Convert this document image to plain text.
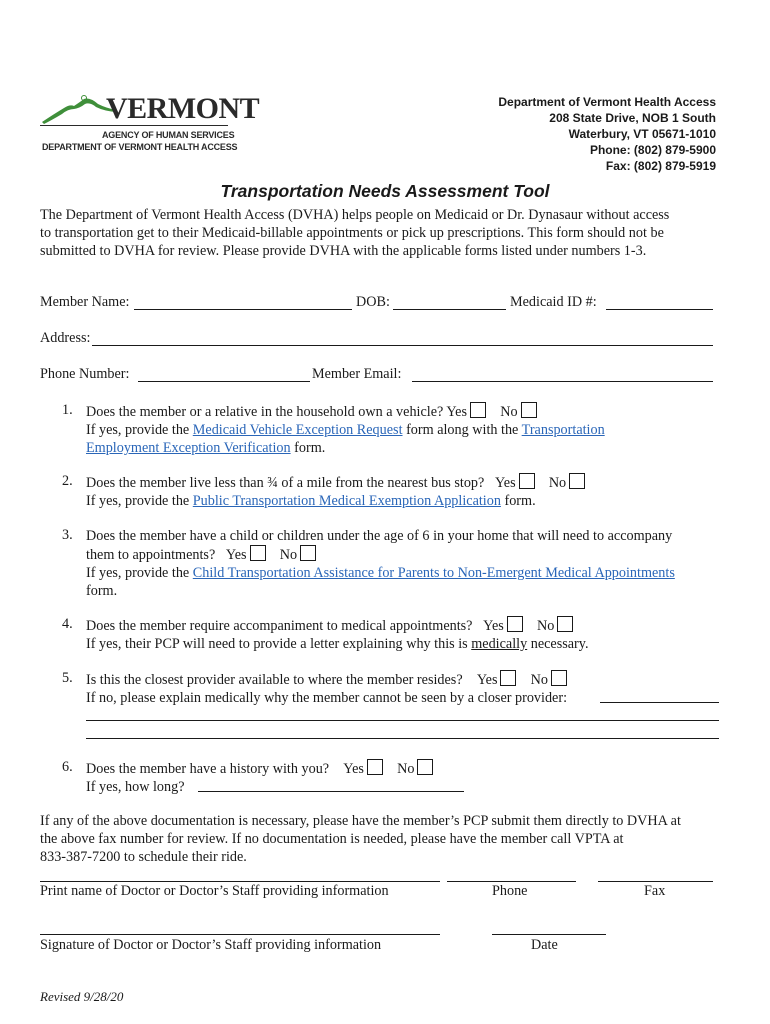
VERMONT
AGENCY OF HUMAN SERVICES
DEPARTMENT OF VERMONT HEALTH ACCESS
Department of Vermont Health Access
208 State Drive, NOB 1 South
Waterbury, VT 05671-1010
Phone: (802) 879-5900
Fax: (802) 879-5919
Transportation Needs Assessment Tool
The Department of Vermont Health Access (DVHA) helps people on Medicaid or Dr. Dynasaur without access
to transportation get to their Medicaid-billable appointments or pick up prescriptions. This form should not be
submitted to DVHA for review. Please provide DVHA with the applicable forms listed under numbers 1-3.
Member Name:	DOB:	Medicaid ID #:
Address:
Phone Number:	Member Email:
1. Does the member or a relative in the household own a vehicle? Yes No
If yes, provide the Medicaid Vehicle Exception Request form along with the Transportation
Employment Exception Verification form.
2. Does the member live less than ¾ of a mile from the nearest bus stop? Yes No
If yes, provide the Public Transportation Medical Exemption Application form.
3. Does the member have a child or children under the age of 6 in your home that will need to accompany
them to appointments? Yes No
If yes, provide the Child Transportation Assistance for Parents to Non-Emergent Medical Appointments
form.
4. Does the member require accompaniment to medical appointments? Yes No
If yes, their PCP will need to provide a letter explaining why this is medically necessary.
5. Is this the closest provider available to where the member resides? Yes No
If no, please explain medically why the member cannot be seen by a closer provider:
6. Does the member have a history with you? Yes No
If yes, how long?
If any of the above documentation is necessary, please have the member’s PCP submit them directly to DVHA at
the above fax number for review. If no documentation is needed, please have the member call VPTA at
833-387-7200 to schedule their ride.
Print name of Doctor or Doctor’s Staff providing information	Phone	Fax
Signature of Doctor or Doctor’s Staff providing information	Date
Revised 9/28/20
